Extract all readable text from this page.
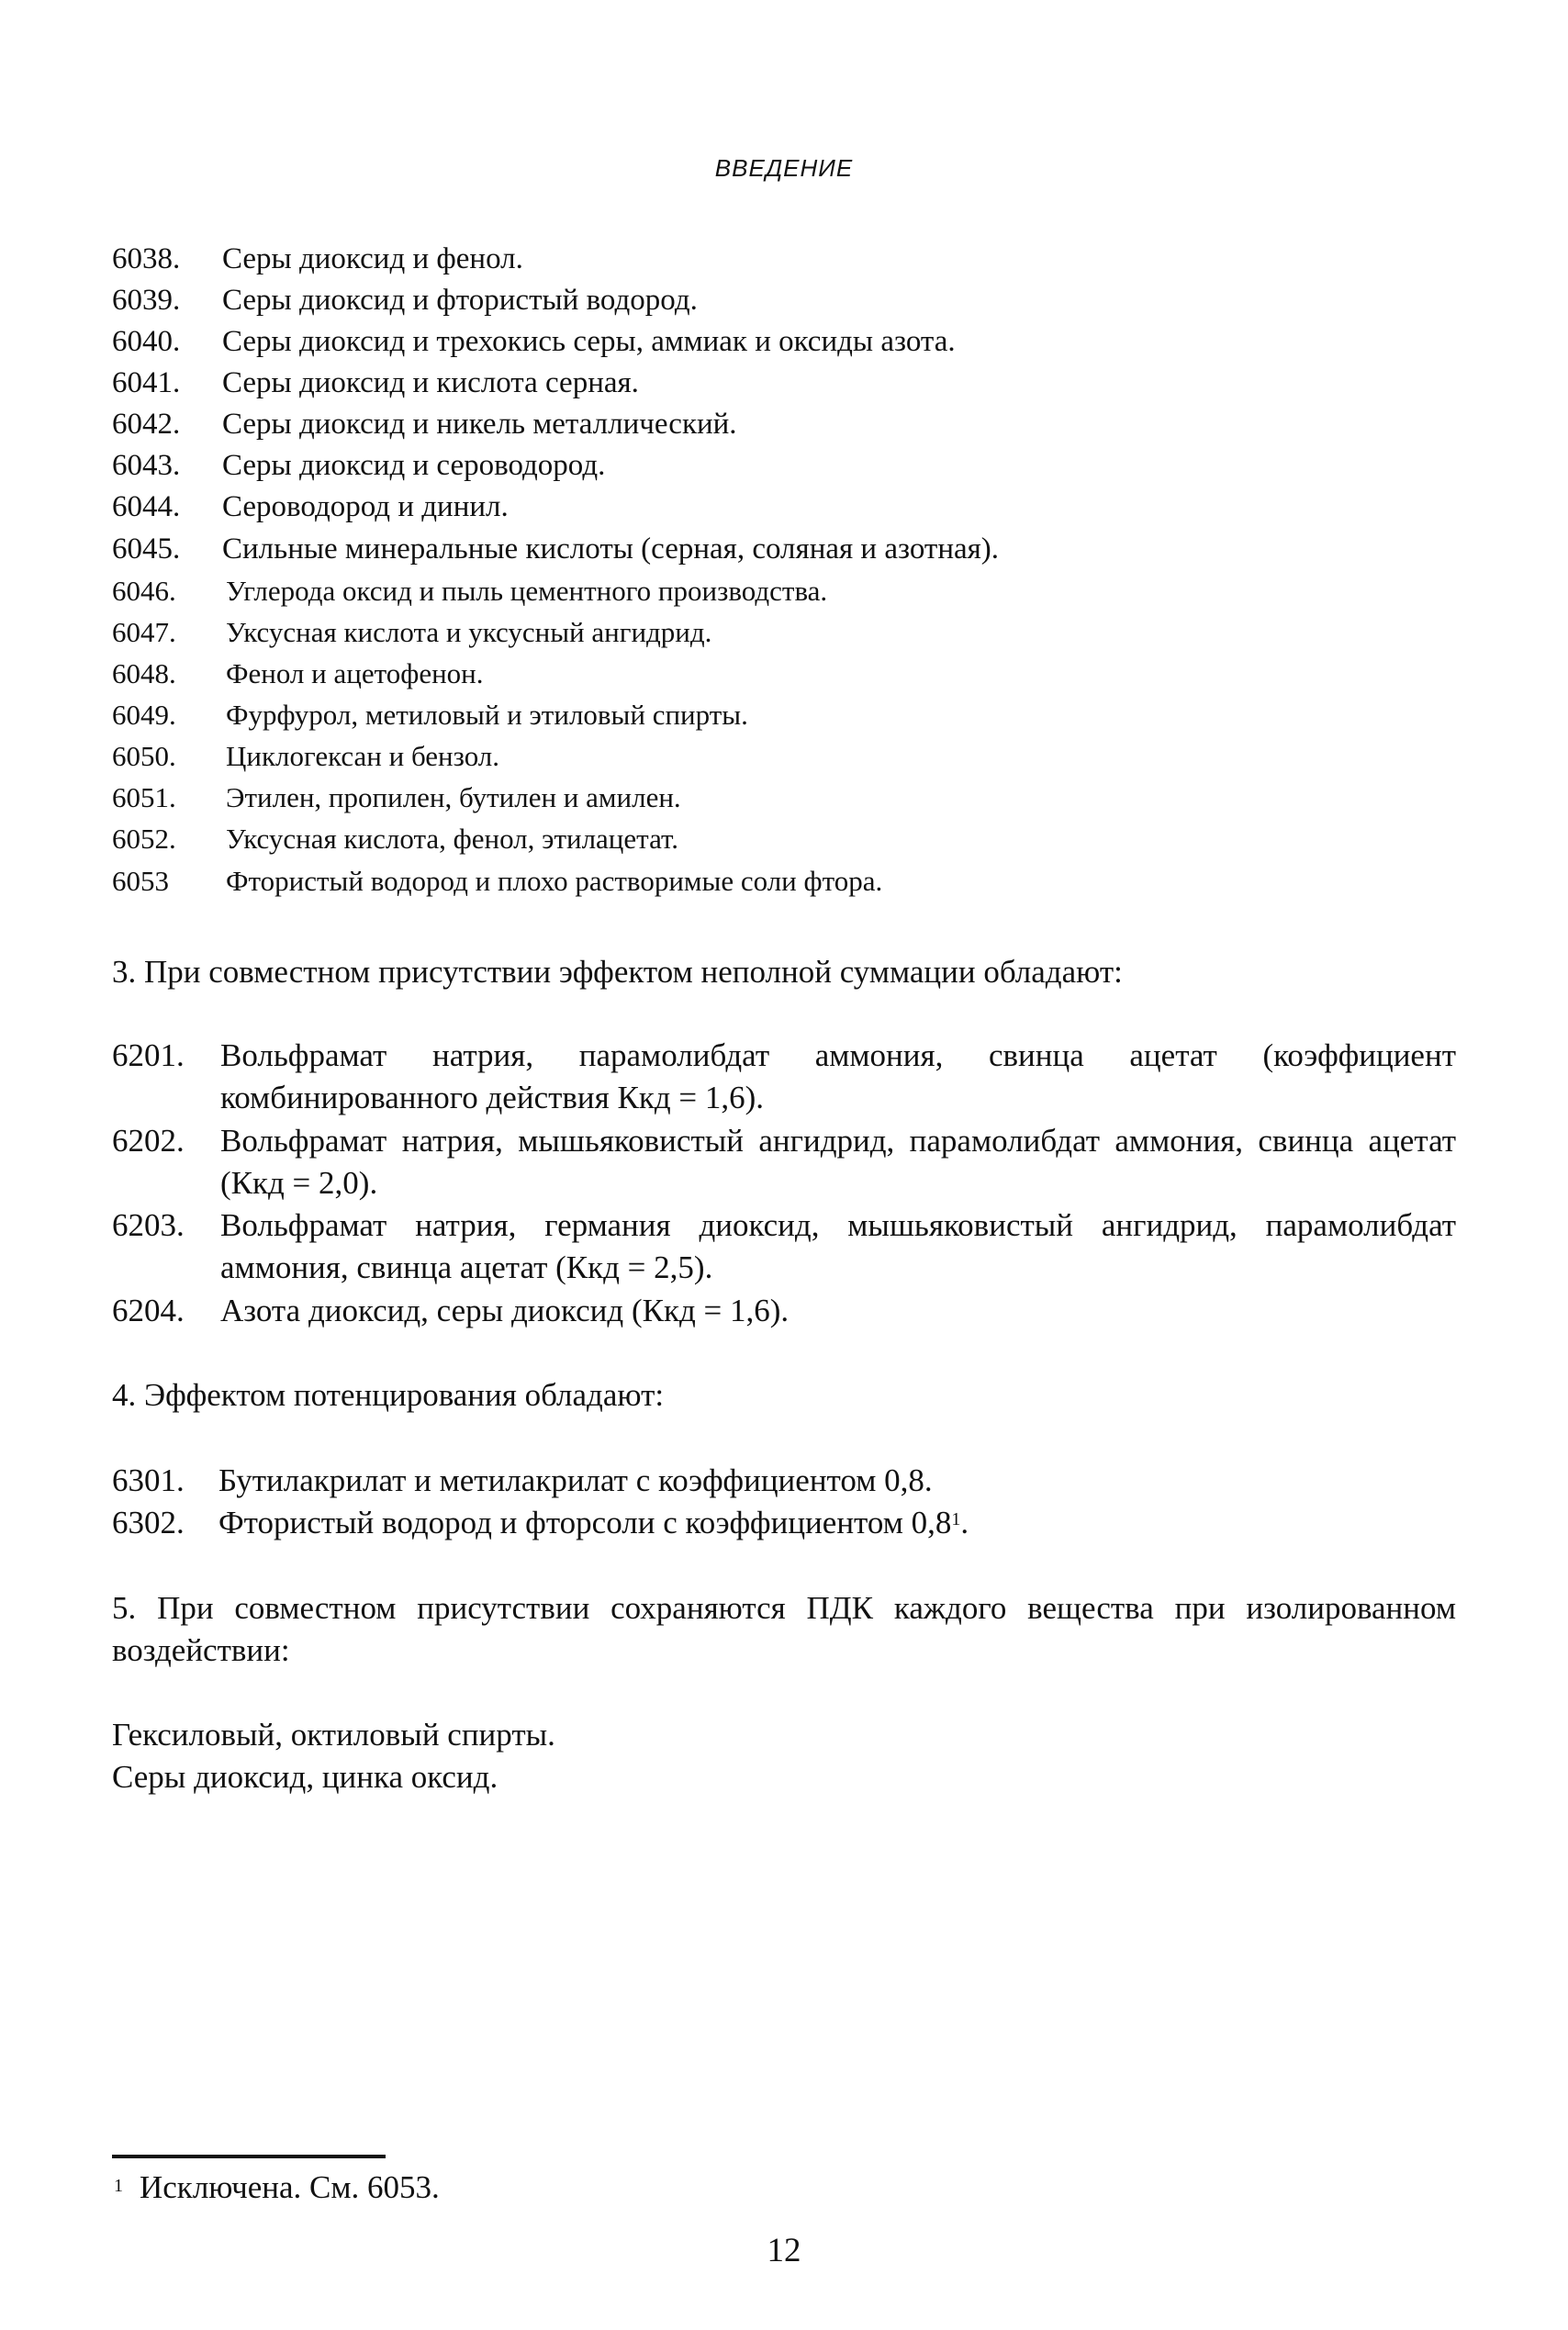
ВВЕДЕНИЕ
6038. Серы диоксид и фенол.
6039. Серы диоксид и фтористый водород.
6040. Серы диоксид и трехокись серы, аммиак и оксиды азота.
6041. Серы диоксид и кислота серная.
6042. Серы диоксид и никель металлический.
6043. Серы диоксид и сероводород.
6044. Сероводород и динил.
6045. Сильные минеральные кислоты (серная, соляная и азотная).
6046. Углерода оксид и пыль цементного производства.
6047. Уксусная кислота и уксусный ангидрид.
6048. Фенол и ацетофенон.
6049. Фурфурол, метиловый и этиловый спирты.
6050. Циклогексан и бензол.
6051. Этилен, пропилен, бутилен и амилен.
6052. Уксусная кислота, фенол, этилацетат.
6053 Фтористый водород и плохо растворимые соли фтора.
3. При совместном присутствии эффектом неполной суммации обладают:
6201. Вольфрамат натрия, парамолибдат аммония, свинца ацетат (коэффициент комбинированного действия Ккд = 1,6).
6202. Вольфрамат натрия, мышьяковистый ангидрид, парамолибдат аммония, свинца ацетат (Ккд = 2,0).
6203. Вольфрамат натрия, германия диоксид, мышьяковистый ангидрид, парамолибдат аммония, свинца ацетат (Ккд = 2,5).
6204. Азота диоксид, серы диоксид (Ккд = 1,6).
4. Эффектом потенцирования обладают:
6301. Бутилакрилат и метилакрилат с коэффициентом 0,8.
6302. Фтористый водород и фторсоли с коэффициентом 0,8$^1$.
5. При совместном присутствии сохраняются ПДК каждого вещества при изолированном воздействии:
Гексиловый, октиловый спирты.
Серы диоксид, цинка оксид.
$^1$ Исключена. См. 6053.
12
